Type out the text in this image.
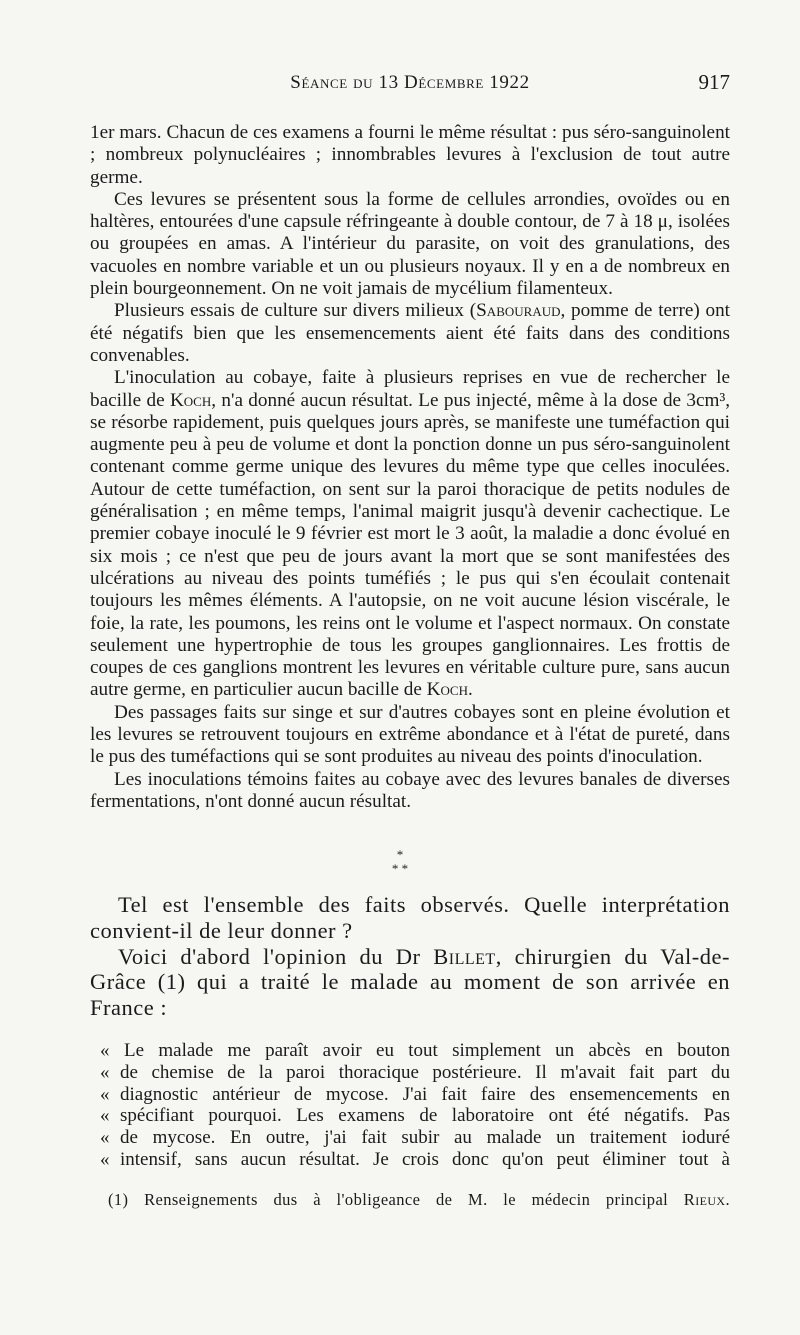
Séance du 13 Décembre 1922	917

1er mars. Chacun de ces examens a fourni le même résultat : pus séro-sanguinolent ; nombreux polynucléaires ; innombrables levures à l'exclusion de tout autre germe.

Ces levures se présentent sous la forme de cellules arrondies, ovoïdes ou en haltères, entourées d'une capsule réfringeante à double contour, de 7 à 18 μ, isolées ou groupées en amas. A l'intérieur du parasite, on voit des granulations, des vacuoles en nombre variable et un ou plusieurs noyaux. Il y en a de nombreux en plein bourgeonnement. On ne voit jamais de mycélium filamenteux.

Plusieurs essais de culture sur divers milieux (Sabouraud, pomme de terre) ont été négatifs bien que les ensemencements aient été faits dans des conditions convenables.

L'inoculation au cobaye, faite à plusieurs reprises en vue de rechercher le bacille de Koch, n'a donné aucun résultat. Le pus injecté, même à la dose de 3cm³, se résorbe rapidement, puis quelques jours après, se manifeste une tuméfaction qui augmente peu à peu de volume et dont la ponction donne un pus séro-sanguinolent contenant comme germe unique des levures du même type que celles inoculées. Autour de cette tuméfaction, on sent sur la paroi thoracique de petits nodules de généralisation ; en même temps, l'animal maigrit jusqu'à devenir cachectique. Le premier cobaye inoculé le 9 février est mort le 3 août, la maladie a donc évolué en six mois ; ce n'est que peu de jours avant la mort que se sont manifestées des ulcérations au niveau des points tuméfiés ; le pus qui s'en écoulait contenait toujours les mêmes éléments. A l'autopsie, on ne voit aucune lésion viscérale, le foie, la rate, les poumons, les reins ont le volume et l'aspect normaux. On constate seulement une hypertrophie de tous les groupes ganglionnaires. Les frottis de coupes de ces ganglions montrent les levures en véritable culture pure, sans aucun autre germe, en particulier aucun bacille de Koch.

Des passages faits sur singe et sur d'autres cobayes sont en pleine évolution et les levures se retrouvent toujours en extrême abondance et à l'état de pureté, dans le pus des tuméfactions qui se sont produites au niveau des points d'inoculation.

Les inoculations témoins faites au cobaye avec des levures banales de diverses fermentations, n'ont donné aucun résultat.

*
* *

Tel est l'ensemble des faits observés. Quelle interprétation convient-il de leur donner ?

Voici d'abord l'opinion du Dr Billet, chirurgien du Val-de-Grâce (1) qui a traité le malade au moment de son arrivée en France :

« Le malade me paraît avoir eu tout simplement un abcès en bouton
« de chemise de la paroi thoracique postérieure. Il m'avait fait part du
« diagnostic antérieur de mycose. J'ai fait faire des ensemencements en
« spécifiant pourquoi. Les examens de laboratoire ont été négatifs. Pas
« de mycose. En outre, j'ai fait subir au malade un traitement ioduré
« intensif, sans aucun résultat. Je crois donc qu'on peut éliminer tout à
(1) Renseignements dus à l'obligeance de M. le médecin principal Rieux.
